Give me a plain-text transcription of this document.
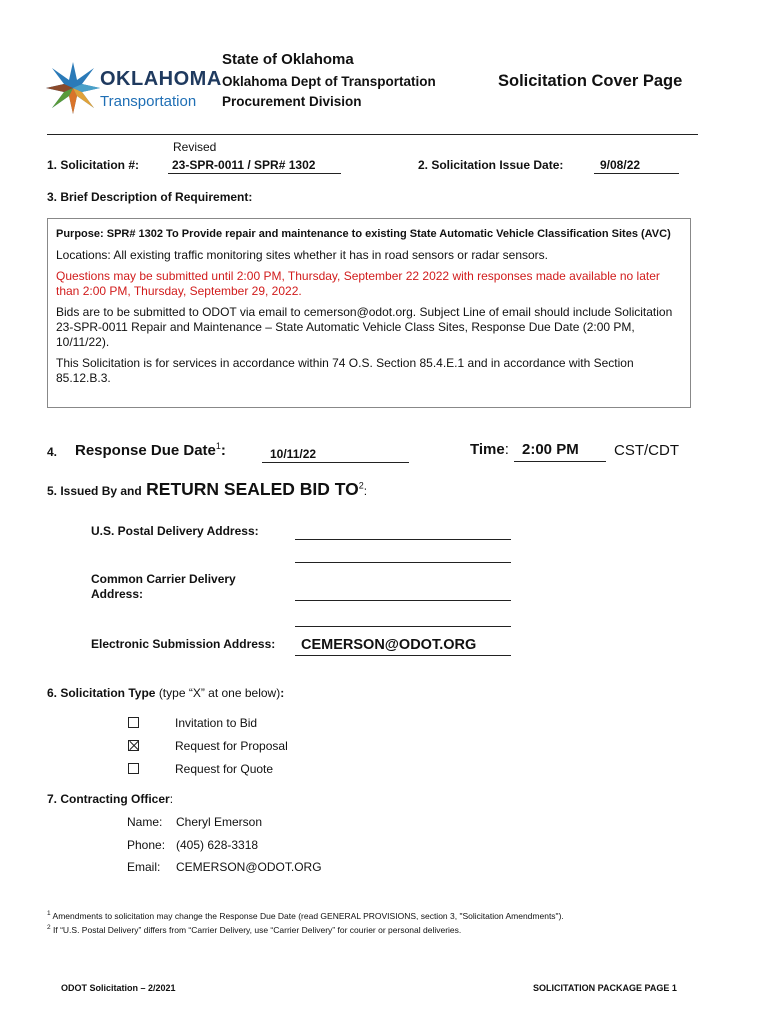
OKLAHOMA
Transportation
State of Oklahoma
Oklahoma Dept of Transportation
Procurement Division
Solicitation Cover Page
Revised
1. Solicitation #:	23-SPR-0011 / SPR# 1302	2. Solicitation Issue Date:	9/08/22
3. Brief Description of Requirement:

Purpose: SPR# 1302 To Provide repair and maintenance to existing State Automatic Vehicle Classification Sites (AVC)

Locations: All existing traffic monitoring sites whether it has in road sensors or radar sensors.

Questions may be submitted until 2:00 PM, Thursday, September 22 2022 with responses made available no later than 2:00 PM, Thursday, September 29, 2022.

Bids are to be submitted to ODOT via email to cemerson@odot.org. Subject Line of email should include Solicitation 23-SPR-0011 Repair and Maintenance – State Automatic Vehicle Class Sites, Response Due Date (2:00 PM, 10/11/22).

This Solicitation is for services in accordance within 74 O.S. Section 85.4.E.1 and in accordance with Section 85.12.B.3.

4. Response Due Date$^1$:	10/11/22	Time: 2:00 PM CST/CDT
5. Issued By and RETURN SEALED BID $TO^2$:
U.S. Postal Delivery Address:
Common Carrier Delivery Address:
Electronic Submission Address: CEMERSON@ODOT.ORG
6. Solicitation Type (type “X” at one below):
Invitation to Bid
Request for Proposal
Request for Quote
7. Contracting Officer:
Name: Cheryl Emerson
Phone: (405) 628-3318
Email: CEMERSON@ODOT.ORG
$^1$ Amendments to solicitation may change the Response Due Date (read GENERAL PROVISIONS, section 3, "Solicitation Amendments").
$^2$ If “U.S. Postal Delivery” differs from “Carrier Delivery, use “Carrier Delivery” for courier or personal deliveries.
ODOT Solicitation – 2/2021	SOLICITATION PACKAGE PAGE 1
